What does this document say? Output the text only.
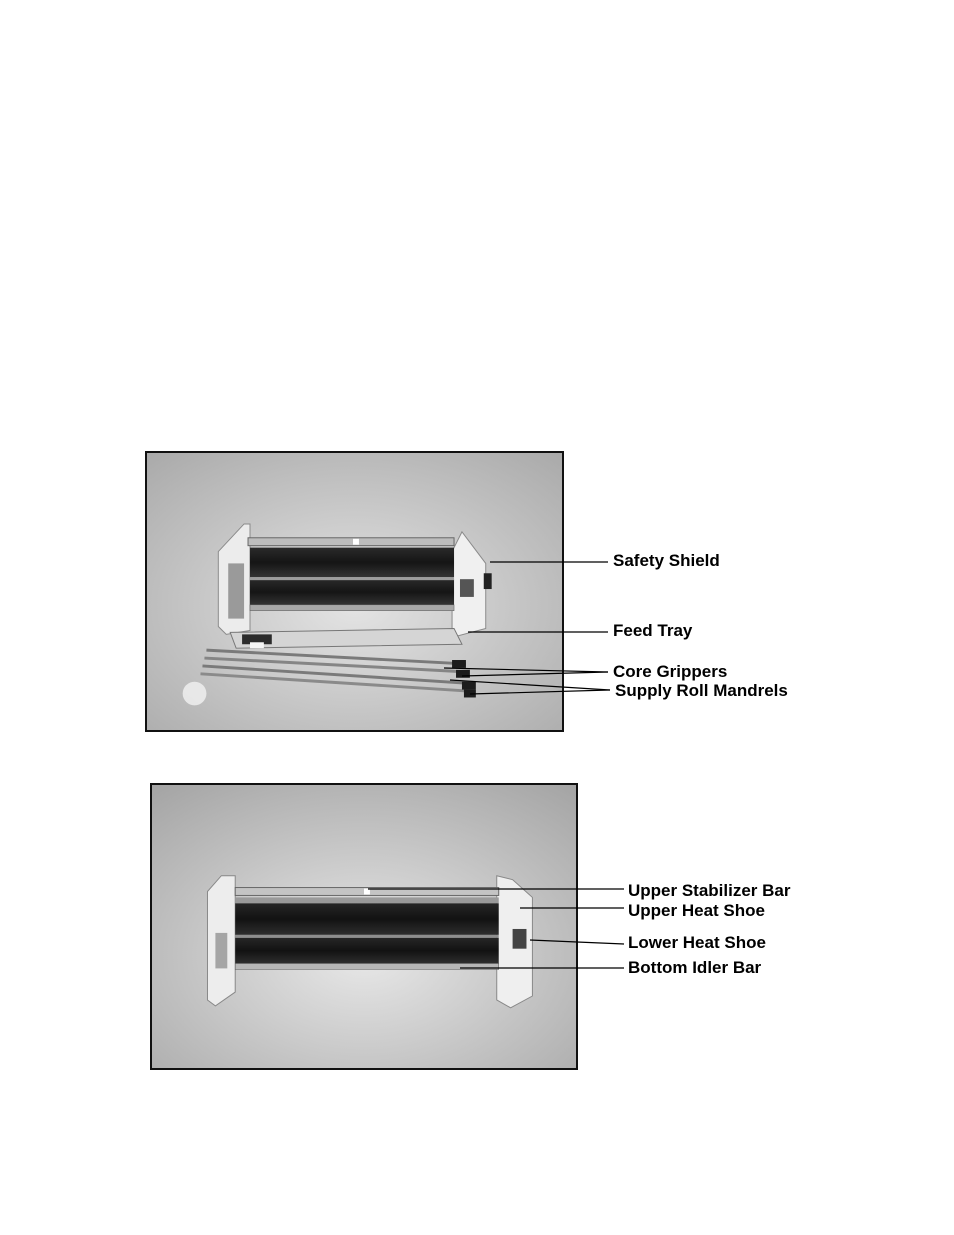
Safety Shield
Feed Tray
Core Grippers
Supply Roll Mandrels
Upper Stabilizer Bar
Upper Heat Shoe
Lower Heat Shoe
Bottom Idler Bar
